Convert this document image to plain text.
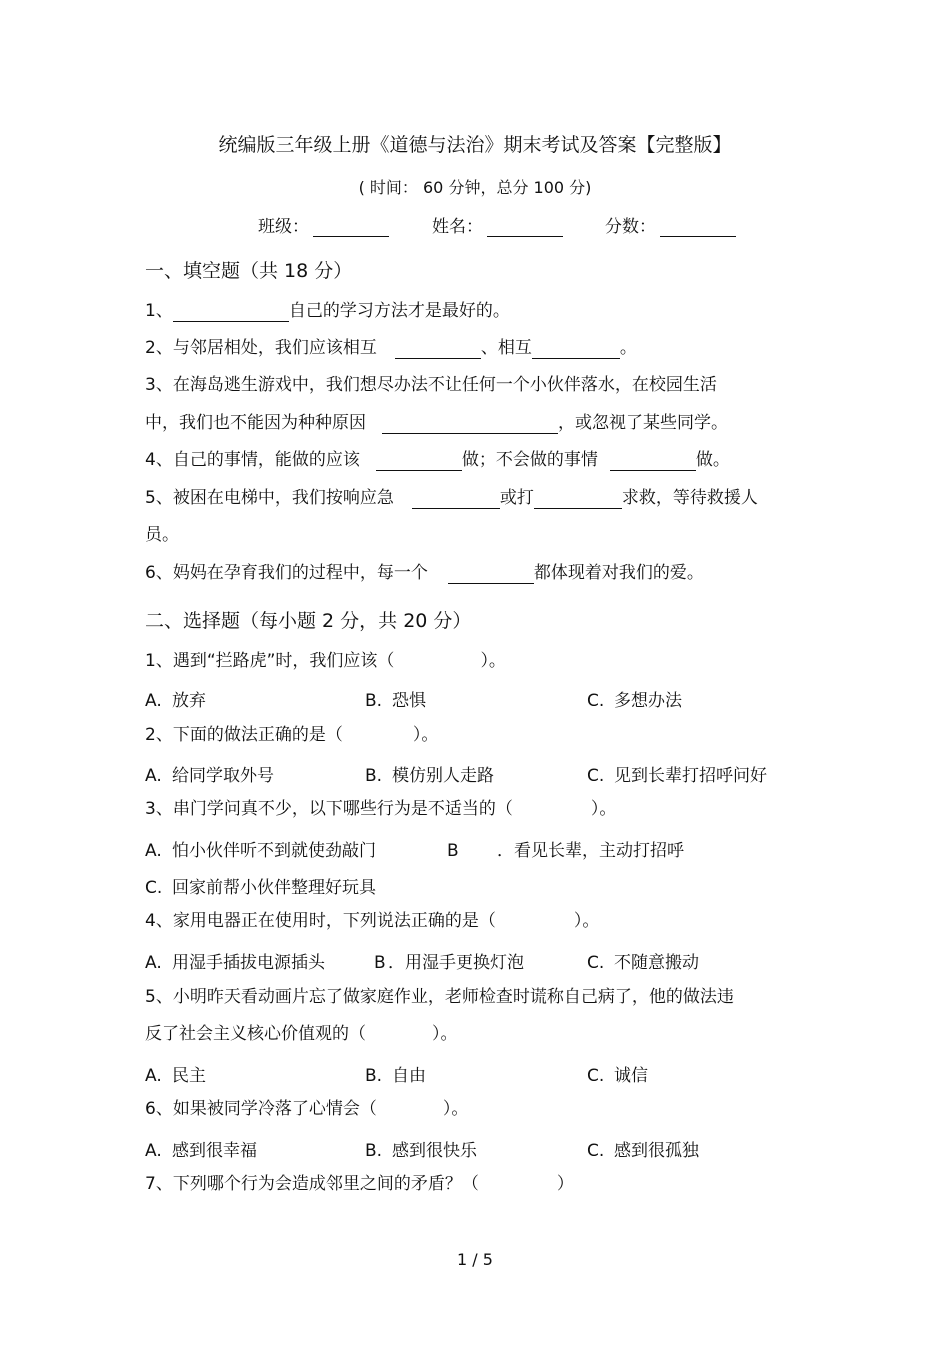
统编版三年级上册《道德与法治》期末考试及答案【完整版】
( 时间： 60 分钟，总分 100 分)
班级：	姓名：	分数：
一、填空题（共 18 分）
1、	自己的学习方法才是最好的。
2、与邻居相处，我们应该相互	、相互	。
3、在海岛逃生游戏中，我们想尽办法不让任何一个小伙伴落水，在校园生活
中，我们也不能因为种种原因	，或忽视了某些同学。
4、自己的事情，能做的应该	做；不会做的事情	做。
5、被困在电梯中，我们按响应急	或打	求救，等待救援人
员。
6、妈妈在孕育我们的过程中，每一个	都体现着对我们的爱。
二、选择题（每小题 2 分，共 20 分）
1、遇到“拦路虎”时，我们应该（	）。
A. 放弃	B. 恐惧	C. 多想办法
2、下面的做法正确的是（	）。
A. 给同学取外号	B. 模仿别人走路	C. 见到长辈打招呼问好
3、串门学问真不少，以下哪些行为是不适当的（	）。
A. 怕小伙伴听不到就使劲敲门	B ．看见长辈，主动打招呼
C. 回家前帮小伙伴整理好玩具
4、家用电器正在使用时，下列说法正确的是（	）。
A. 用湿手插拔电源插头	B ．用湿手更换灯泡	C. 不随意搬动
5、小明昨天看动画片忘了做家庭作业，老师检查时谎称自己病了，他的做法违
反了社会主义核心价值观的（	）。
A. 民主	B. 自由	C. 诚信
6、如果被同学冷落了心情会（	）。
A. 感到很幸福	B. 感到很快乐	C. 感到很孤独
7、下列哪个行为会造成邻里之间的矛盾？（	）
1 / 5
